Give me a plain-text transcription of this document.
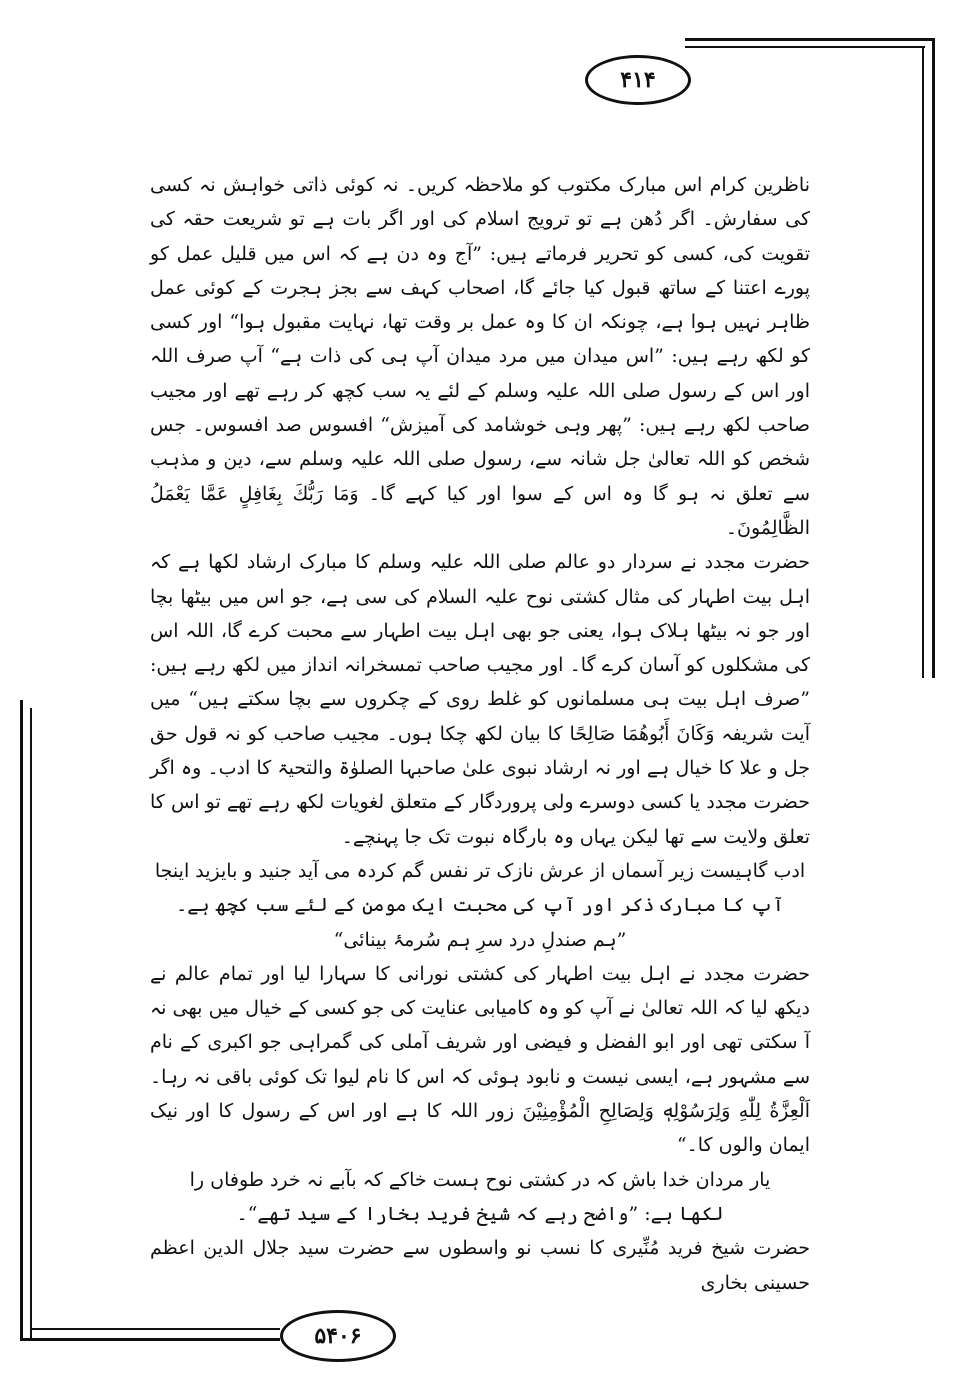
۴۱۴

ناظرین کرام اس مبارک مکتوب کو ملاحظہ کریں۔ نہ کوئی ذاتی خواہش نہ کسی کی سفارش۔ اگر دُھن ہے تو ترویج اسلام کی اور اگر بات ہے تو شریعت حقہ کی تقویت کی، کسی کو تحریر فرماتے ہیں: ”آج وہ دن ہے کہ اس میں قلیل عمل کو پورے اعتنا کے ساتھ قبول کیا جائے گا، اصحاب کہف سے بجز ہجرت کے کوئی عمل ظاہر نہیں ہوا ہے، چونکہ ان کا وہ عمل بر وقت تھا، نہایت مقبول ہوا“ اور کسی کو لکھ رہے ہیں: ”اس میدان میں مرد میدان آپ ہی کی ذات ہے“ آپ صرف اللہ اور اس کے رسول صلی اللہ علیہ وسلم کے لئے یہ سب کچھ کر رہے تھے اور مجیب صاحب لکھ رہے ہیں: ”پھر وہی خوشامد کی آمیزش“ افسوس صد افسوس۔ جس شخص کو اللہ تعالیٰ جل شانہ سے، رسول صلی اللہ علیہ وسلم سے، دین و مذہب سے تعلق نہ ہو گا وہ اس کے سوا اور کیا کہے گا۔ وَمَا رَبُّكَ بِغَافِلٍ عَمَّا يَعْمَلُ الظَّالِمُونَ۔

حضرت مجدد نے سردار دو عالم صلی اللہ علیہ وسلم کا مبارک ارشاد لکھا ہے کہ اہل بیت اطہار کی مثال کشتی نوح علیہ السلام کی سی ہے، جو اس میں بیٹھا بچا اور جو نہ بیٹھا ہلاک ہوا، یعنی جو بھی اہل بیت اطہار سے محبت کرے گا، اللہ اس کی مشکلوں کو آسان کرے گا۔ اور مجیب صاحب تمسخرانہ انداز میں لکھ رہے ہیں: ”صرف اہل بیت ہی مسلمانوں کو غلط روی کے چکروں سے بچا سکتے ہیں“ میں آیت شریفہ وَكَانَ أَبُوهُمَا صَالِحًا کا بیان لکھ چکا ہوں۔ مجیب صاحب کو نہ قول حق جل و علا کا خیال ہے اور نہ ارشاد نبوی علیٰ صاحبہا الصلوٰۃ والتحیۃ کا ادب۔ وہ اگر حضرت مجدد یا کسی دوسرے ولی پروردگار کے متعلق لغویات لکھ رہے تھے تو اس کا تعلق ولایت سے تھا لیکن یہاں وہ بارگاہ نبوت تک جا پہنچے۔

ادب گاہیست زیر آسماں از عرش نازک تر نفس گم کردہ می آید جنید و بایزید اینجا

آپ کا مبارک ذکر اور آپ کی محبت ایک مومن کے لئے سب کچھ ہے۔

”ہم صندلِ درد سرِ ہم سُرمۂ بینائی“

حضرت مجدد نے اہل بیت اطہار کی کشتی نورانی کا سہارا لیا اور تمام عالم نے دیکھ لیا کہ اللہ تعالیٰ نے آپ کو وہ کامیابی عنایت کی جو کسی کے خیال میں بھی نہ آ سکتی تھی اور ابو الفضل و فیضی اور شریف آملی کی گمراہی جو اکبری کے نام سے مشہور ہے، ایسی نیست و نابود ہوئی کہ اس کا نام لیوا تک کوئی باقی نہ رہا۔ اَلْعِزَّةُ لِلّٰهِ وَلِرَسُوْلِهٖ وَلِصَالِحِ الْمُؤْمِنِيْنَ زور اللہ کا ہے اور اس کے رسول کا اور نیک ایمان والوں کا۔“

یار مردان خدا باش کہ در کشتی نوح ہست خاکے کہ بآبے نہ خرد طوفاں را

لکھا ہے: ”واضح رہے کہ شیخ فرید بخارا کے سید تھے“۔

حضرت شیخ فرید مُنِّیری کا نسب نو واسطوں سے حضرت سید جلال الدین اعظم حسینی بخاری

۵۴۰۶
